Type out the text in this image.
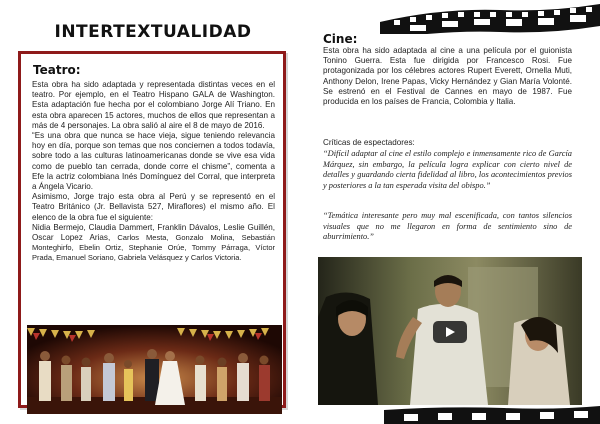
INTERTEXTUALIDAD
Teatro:

Esta obra ha sido adaptada y representada distintas veces en el teatro. Por ejemplo, en el Teatro Hispano GALA de Washington. Esta adaptación fue hecha por el colombiano Jorge Alí Triano. En esta obra aparecen 15 actores, muchos de ellos que representan a más de 4 personajes. La obra salió al aire el 8 de mayo de 2016.

“Es una obra que nunca se hace vieja, sigue teniendo relevancia hoy en día, porque son temas que nos conciernen a todos todavía, sobre todo a las culturas latinoamericanas donde se vive esa vida como de pueblo tan cerrada, donde corre el chisme”, comenta a Efe la actriz colombiana Inés Domínguez del Corral, que interpreta a Ángela Vicario.

Asimismo, Jorge trajo esta obra al Perú y se representó en el Teatro Británico (Jr. Bellavista 527, Miraflores) el mismo año. El elenco de la obra fue el siguiente:

Nidia Bermejo, Claudia Dammert, Franklin Dávalos, Leslie Guillén, Oscar Lopez Arias, Carlos Mesta, Gonzalo Molina, Sebastián Monteghirfo, Ebelin Ortiz, Stephanie Orúe, Tommy Párraga, Víctor Prada, Emanuel Soriano, Gabriela Velásquez y Carlos Victoria.

Cine:
Esta obra ha sido adaptada al cine a una película por el guionista Tonino Guerra. Esta fue dirigida por Francesco Rosi. Fue protagonizada por los célebres actores Rupert Everett, Ornella Muti, Anthony Delon, Irene Papas, Vicky Hernández y Gian María Volonté. Se estrenó en el Festival de Cannes en mayo de 1987. Fue producida en los países de Francia, Colombia y Italia.
Críticas de espectadores:
“Difícil adaptar al cine el estilo complejo e inmensamente rico de García Márquez, sin embargo, la película logra explicar con cierto nivel de detalles y guardando cierta fidelidad al libro, los acontecimientos previos y posteriores a la tan esperada visita del obispo.”
“Temática interesante pero muy mal escenificada, con tantos silencios visuales que no me llegaron en forma de sentimiento sino de aburrimiento.”
